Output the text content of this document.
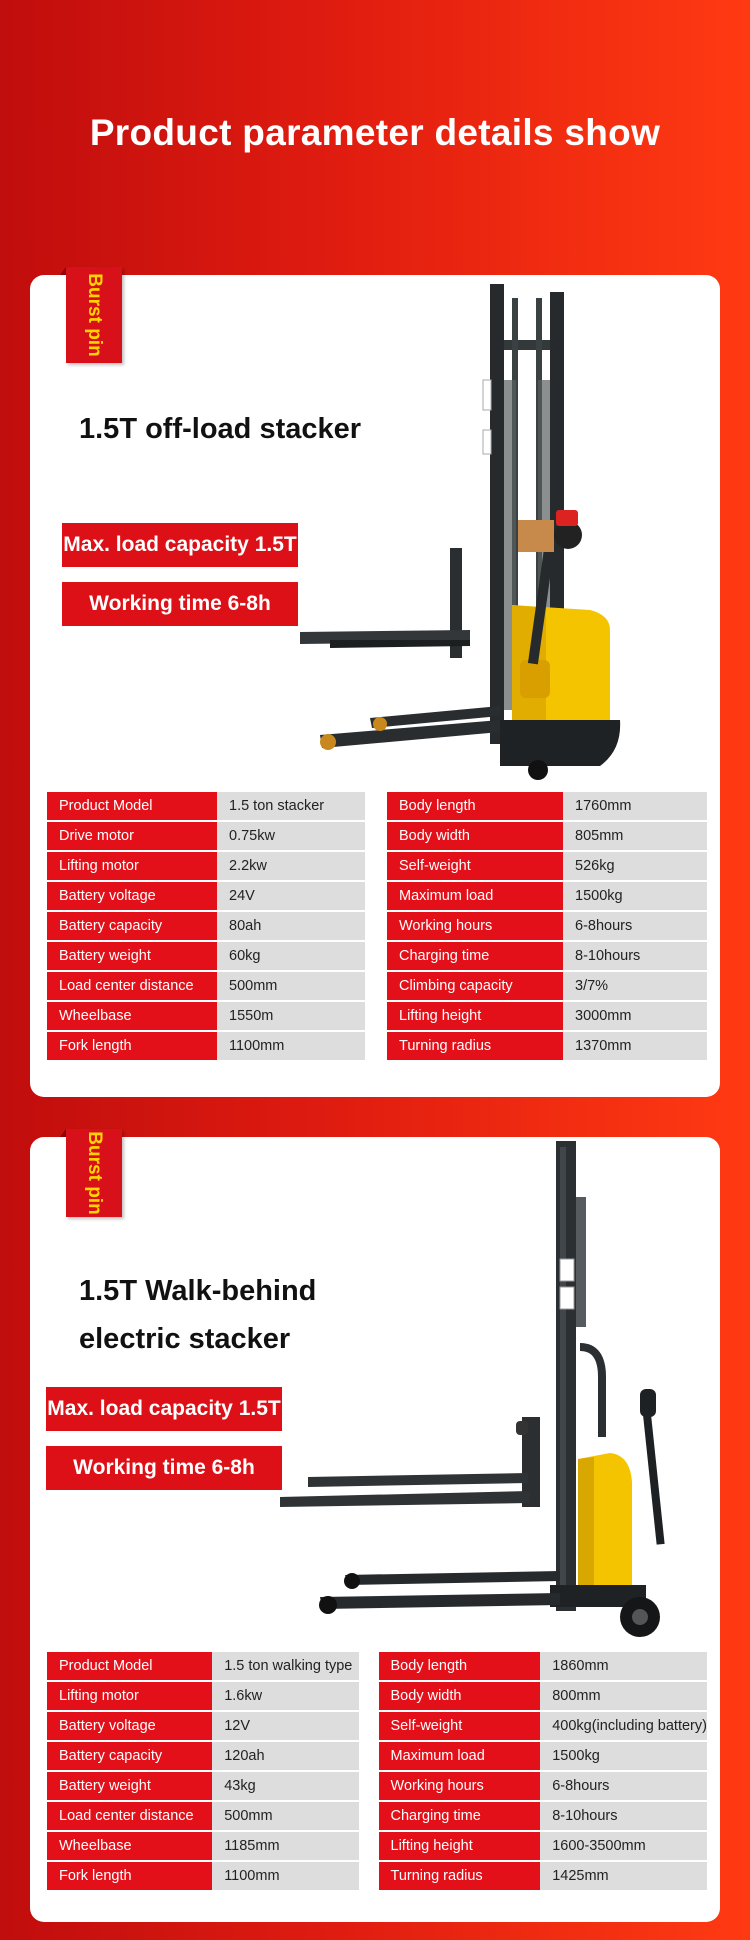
Product parameter details show
Burst pin
1.5T off-load stacker
Max. load capacity 1.5T
Working time 6-8h
Product Model	1.5 ton stacker		Body length	1760mm
Drive motor	0.75kw		Body width	805mm
Lifting motor	2.2kw		Self-weight	526kg
Battery voltage	24V		Maximum load	1500kg
Battery capacity	80ah		Working hours	6-8hours
Battery weight	60kg		Charging time	8-10hours
Load center distance	500mm		Climbing capacity	3/7%
Wheelbase	1550m		Lifting height	3000mm
Fork length	1100mm		Turning radius	1370mm
Burst pin
1.5T Walk-behind
electric stacker
Max. load capacity 1.5T
Working time 6-8h
Product Model	1.5 ton walking type		Body length	1860mm
Lifting motor	1.6kw		Body width	800mm
Battery voltage	12V		Self-weight	400kg(including battery)
Battery capacity	120ah		Maximum load	1500kg
Battery weight	43kg		Working hours	6-8hours
Load center distance	500mm		Charging time	8-10hours
Wheelbase	1185mm		Lifting height	1600-3500mm
Fork length	1100mm		Turning radius	1425mm
